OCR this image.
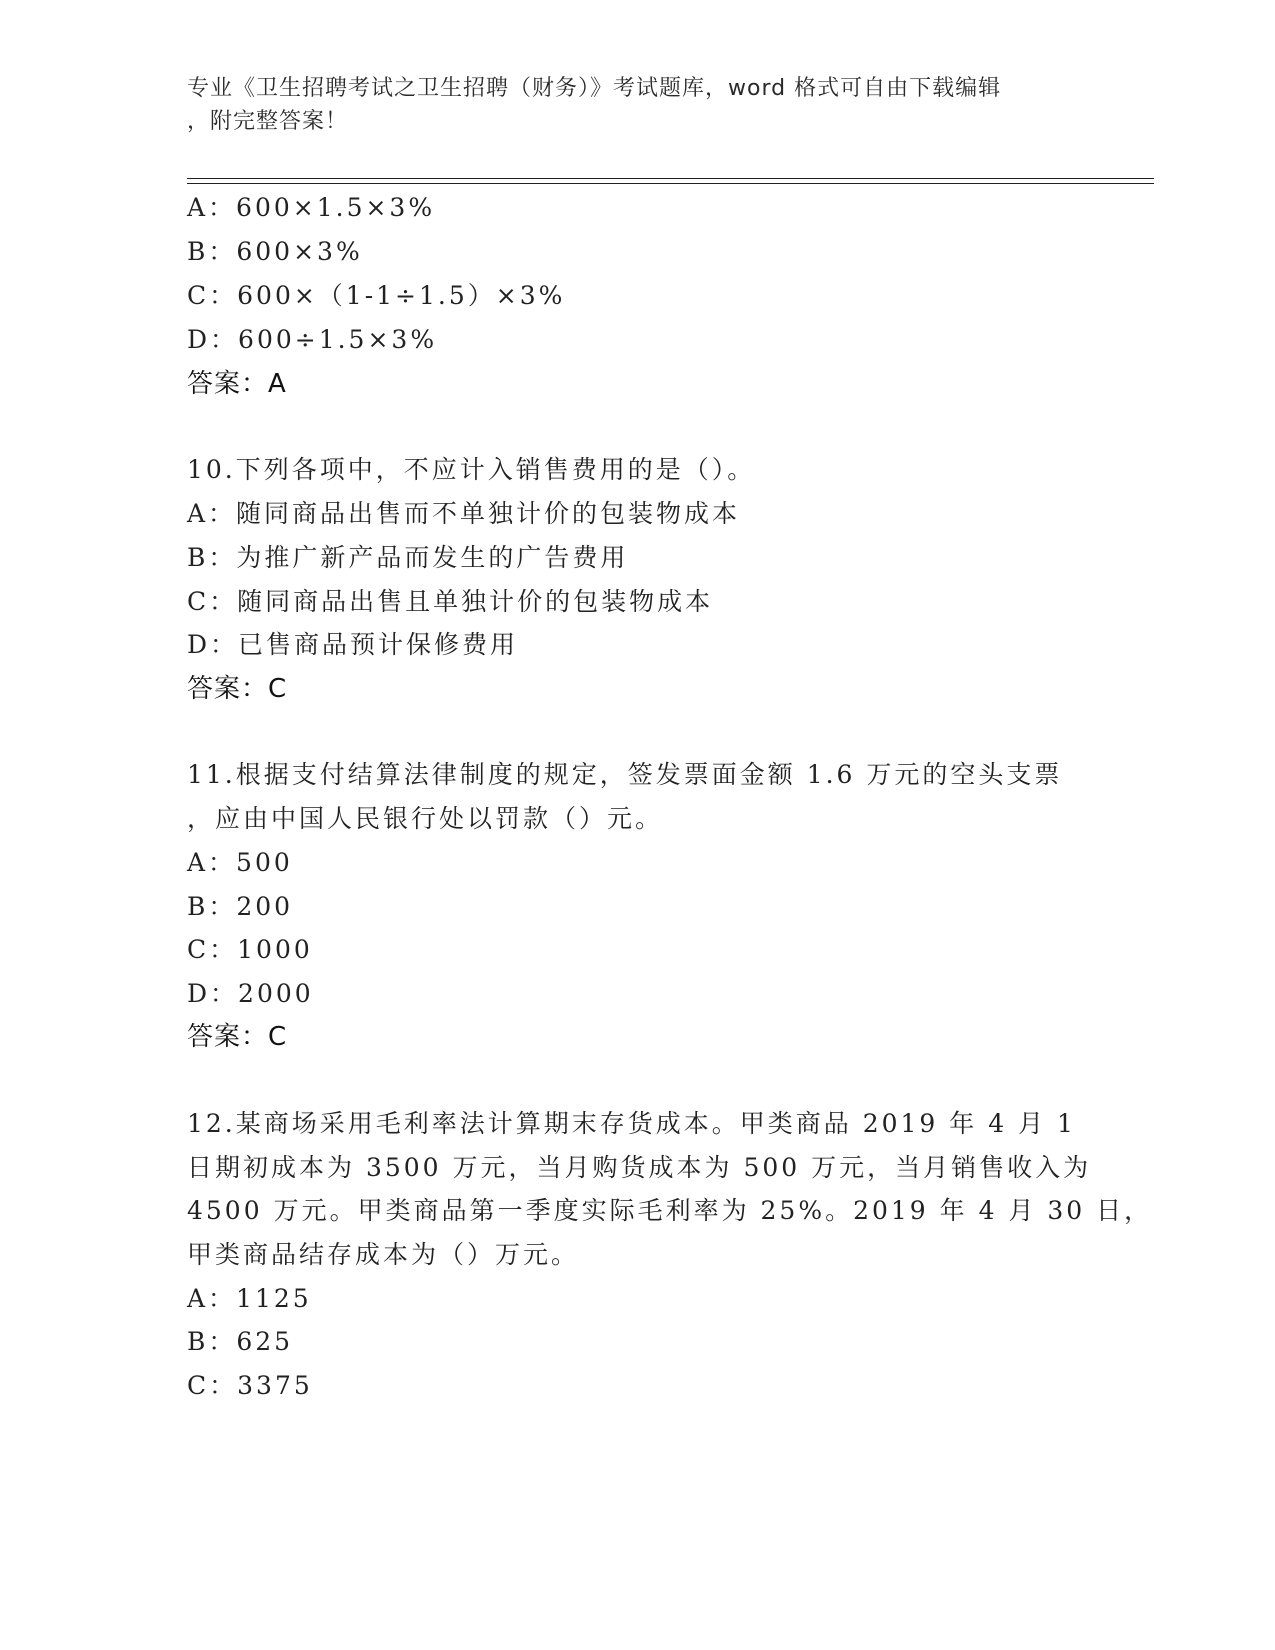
专业《卫生招聘考试之卫生招聘（财务）》考试题库，word 格式可自由下载编辑
，附完整答案！
A：600×1.5×3%
B：600×3%
C：600×（1-1÷1.5）×3%
D：600÷1.5×3%
答案：A
10.下列各项中，不应计入销售费用的是（）。
A：随同商品出售而不单独计价的包装物成本
B：为推广新产品而发生的广告费用
C：随同商品出售且单独计价的包装物成本
D：已售商品预计保修费用
答案：C
11.根据支付结算法律制度的规定，签发票面金额 1.6 万元的空头支票
，应由中国人民银行处以罚款（）元。
A：500
B：200
C：1000
D：2000
答案：C
12.某商场采用毛利率法计算期末存货成本。甲类商品 2019 年 4 月 1
日期初成本为 3500 万元，当月购货成本为 500 万元，当月销售收入为
4500 万元。甲类商品第一季度实际毛利率为 25%。2019 年 4 月 30 日，
甲类商品结存成本为（）万元。
A：1125
B：625
C：3375
